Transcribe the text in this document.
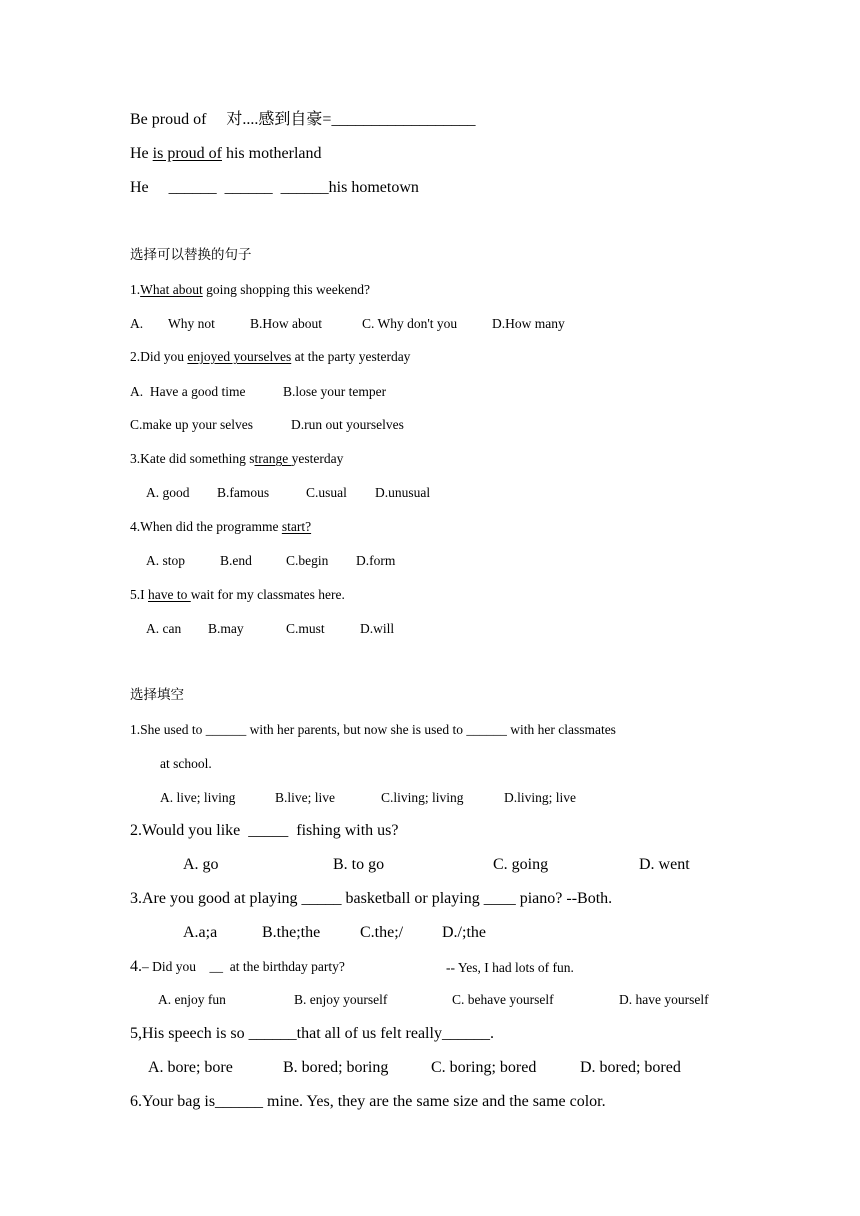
Be proud of　 对....感到自豪=__________________
He is proud of his motherland
He　 ______  ______  ______his hometown
选择可以替换的句子
1.What about going shopping this weekend?
A. Why not	B.How about	C. Why don't you	D.How many
2.Did you enjoyed yourselves at the party yesterday
A.  Have a good time	B.lose your temper
C.make up your selves	D.run out yourselves
3.Kate did something strange yesterday
A. good B.famous	C.usual D.unusual
4.When did the programme start?
A. stop	B.end	C.begin D.form
5.I have to wait for my classmates here.
A. can B.may	C.must	D.will
选择填空
1.She used to ______ with her parents, but now she is used to ______ with her classmates
at school.
A. live; living	B.live; live	C.living; living	D.living; live
2.Would you like  _____  fishing with us?
A. go	B. to go	C. going	D. went
3.Are you good at playing _____ basketball or playing ____ piano? --Both.
A.a;a	B.the;the C.the;/ D./;the
4.– Did you    __  at the birthday party?	-- Yes, I had lots of fun.
A. enjoy fun	B. enjoy yourself	C. behave yourself	D. have yourself
5,His speech is so ______that all of us felt really______.
A. bore; bore	B. bored; boring	C. boring; bored	D. bored; bored
6.Your bag is______ mine. Yes, they are the same size and the same color.
